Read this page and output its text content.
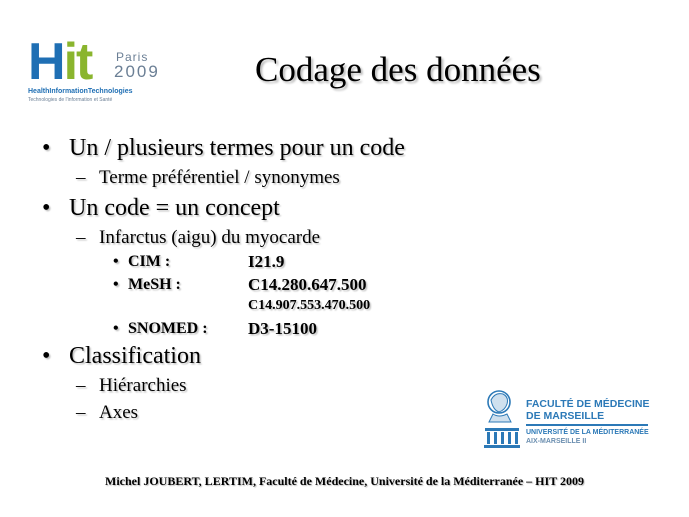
Hit Paris
2009
HealthInformationTechnologies
Technologies de l'information et Santé
Codage des données
• Un / plusieurs termes pour un code
– Terme préférentiel / synonymes
• Un code = un concept
– Infarctus (aigu) du myocarde
• CIM :
• MeSH :
• SNOMED :
• Classification
– Hiérarchies
– Axes
I21.9
C14.280.647.500
C14.907.553.470.500
D3-15100
FACULTÉ DE MÉDECINE
DE MARSEILLE
UNIVERSITÉ DE LA MÉDITERRANÉE
AIX-MARSEILLE II
Michel JOUBERT, LERTIM, Faculté de Médecine, Université de la Méditerranée – HIT 2009
